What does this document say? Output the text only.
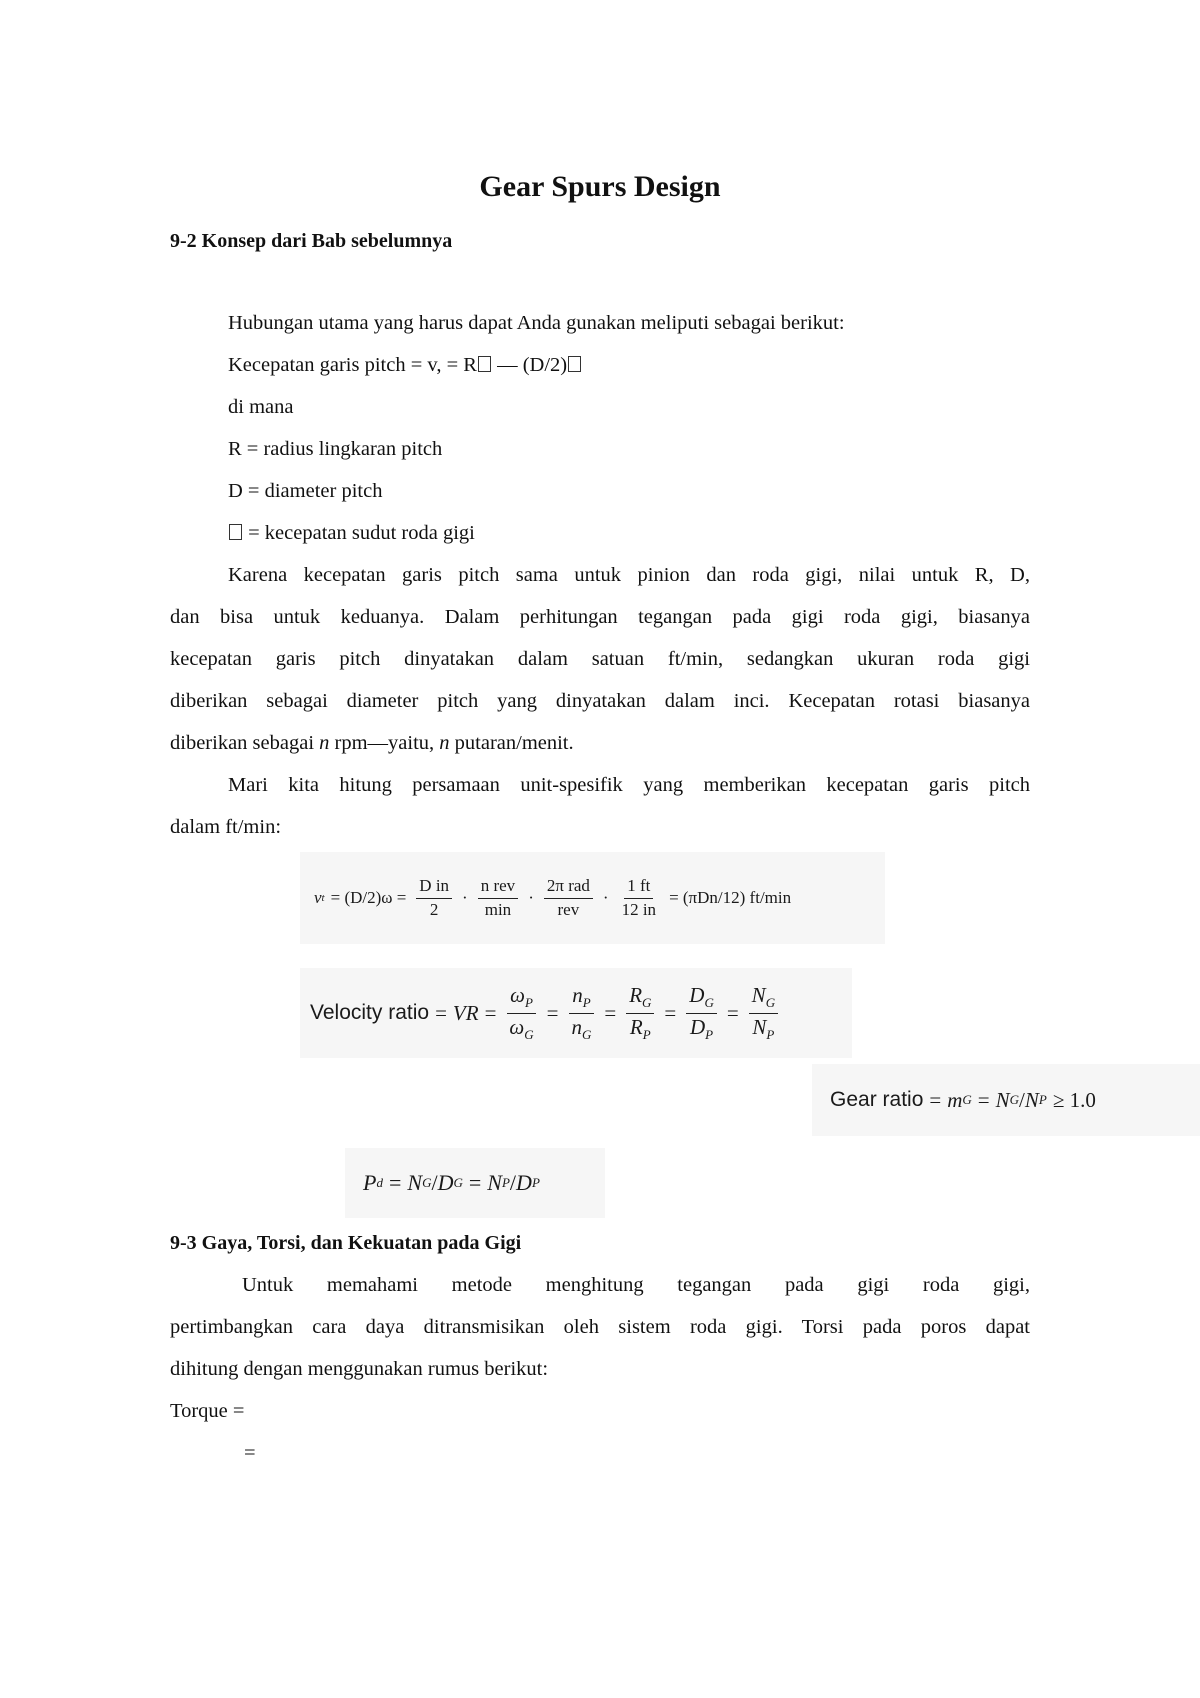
Gear Spurs Design
9-2 Konsep dari Bab sebelumnya
Hubungan utama yang harus dapat Anda gunakan meliputi sebagai berikut:
Kecepatan garis pitch = v, = R — (D/2)
di mana
R = radius lingkaran pitch
D = diameter pitch
= kecepatan sudut roda gigi
Karena kecepatan garis pitch sama untuk pinion dan roda gigi, nilai untuk R, D,
dan bisa untuk keduanya. Dalam perhitungan tegangan pada gigi roda gigi, biasanya
kecepatan garis pitch dinyatakan dalam satuan ft/min, sedangkan ukuran roda gigi
diberikan sebagai diameter pitch yang dinyatakan dalam inci. Kecepatan rotasi biasanya
diberikan sebagai n rpm—yaitu, n putaran/menit.
Mari kita hitung persamaan unit-spesifik yang memberikan kecepatan garis pitch
dalam ft/min:
v $t = (D/2)\omega = \frac{\text{D in}}{2} \cdot \frac{\text{n rev}}{\min} \cdot \frac{\text{2π rad}}{\text{rev}} \cdot \frac{1 ft}{12 in} = (\pi Dn/12)$ ft/min
Velocity ratio = VR = $\frac{\omega_P}{\omega_G} = \frac{n_P}{n_G} = \frac{R_G}{R_P} = \frac{D_G}{D_P} = \frac{N_G}{N_P}$
Gear ratio = m G = N G / N P ≥ 1.0
P d = N G / D G = N P / D P
9-3 Gaya, Torsi, dan Kekuatan pada Gigi
Untuk memahami metode menghitung tegangan pada gigi roda gigi,
pertimbangkan cara daya ditransmisikan oleh sistem roda gigi. Torsi pada poros dapat
dihitung dengan menggunakan rumus berikut:
Torque =
=
